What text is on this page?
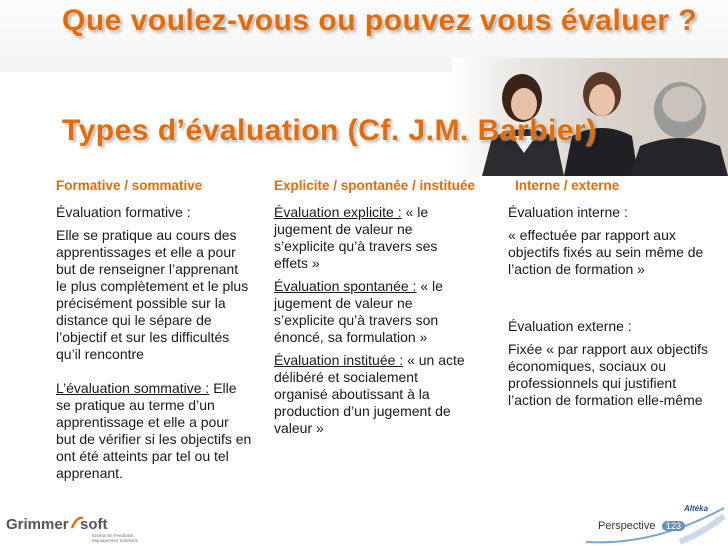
Que voulez-vous ou pouvez vous évaluer ?
Types d’évaluation (Cf. J.M. Barbier)
Formative / sommative	Explicite / spontanée / instituée	Interne / externe

Évaluation formative :

Elle se pratique au cours des apprentissages et elle a pour but de renseigner l’apprenant le plus complètement et le plus précisément possible sur la distance qui le sépare de l’objectif et sur les difficultés qu’il rencontre

L’évaluation sommative : Elle se pratique au terme d’un apprentissage et elle a pour but de vérifier si les objectifs en ont été atteints par tel ou tel apprenant.

Évaluation explicite : « le jugement de valeur ne s’explicite qu’à travers ses effets »

Évaluation spontanée : « le jugement de valeur ne s’explicite qu’à travers son énoncé, sa formulation »

Évaluation instituée : « un acte délibéré et socialement organisé aboutissant à la production d’un jugement de valeur »

Évaluation interne :

« effectuée par rapport aux objectifs fixés au sein même de l’action de formation »

Évaluation externe :

Fixée « par rapport aux objectifs économiques, sociaux ou professionnels qui justifient l’action de formation elle-même

Grimmer soft
Enterprise Feedback Management Solutions
Perspective	123
Altéka
